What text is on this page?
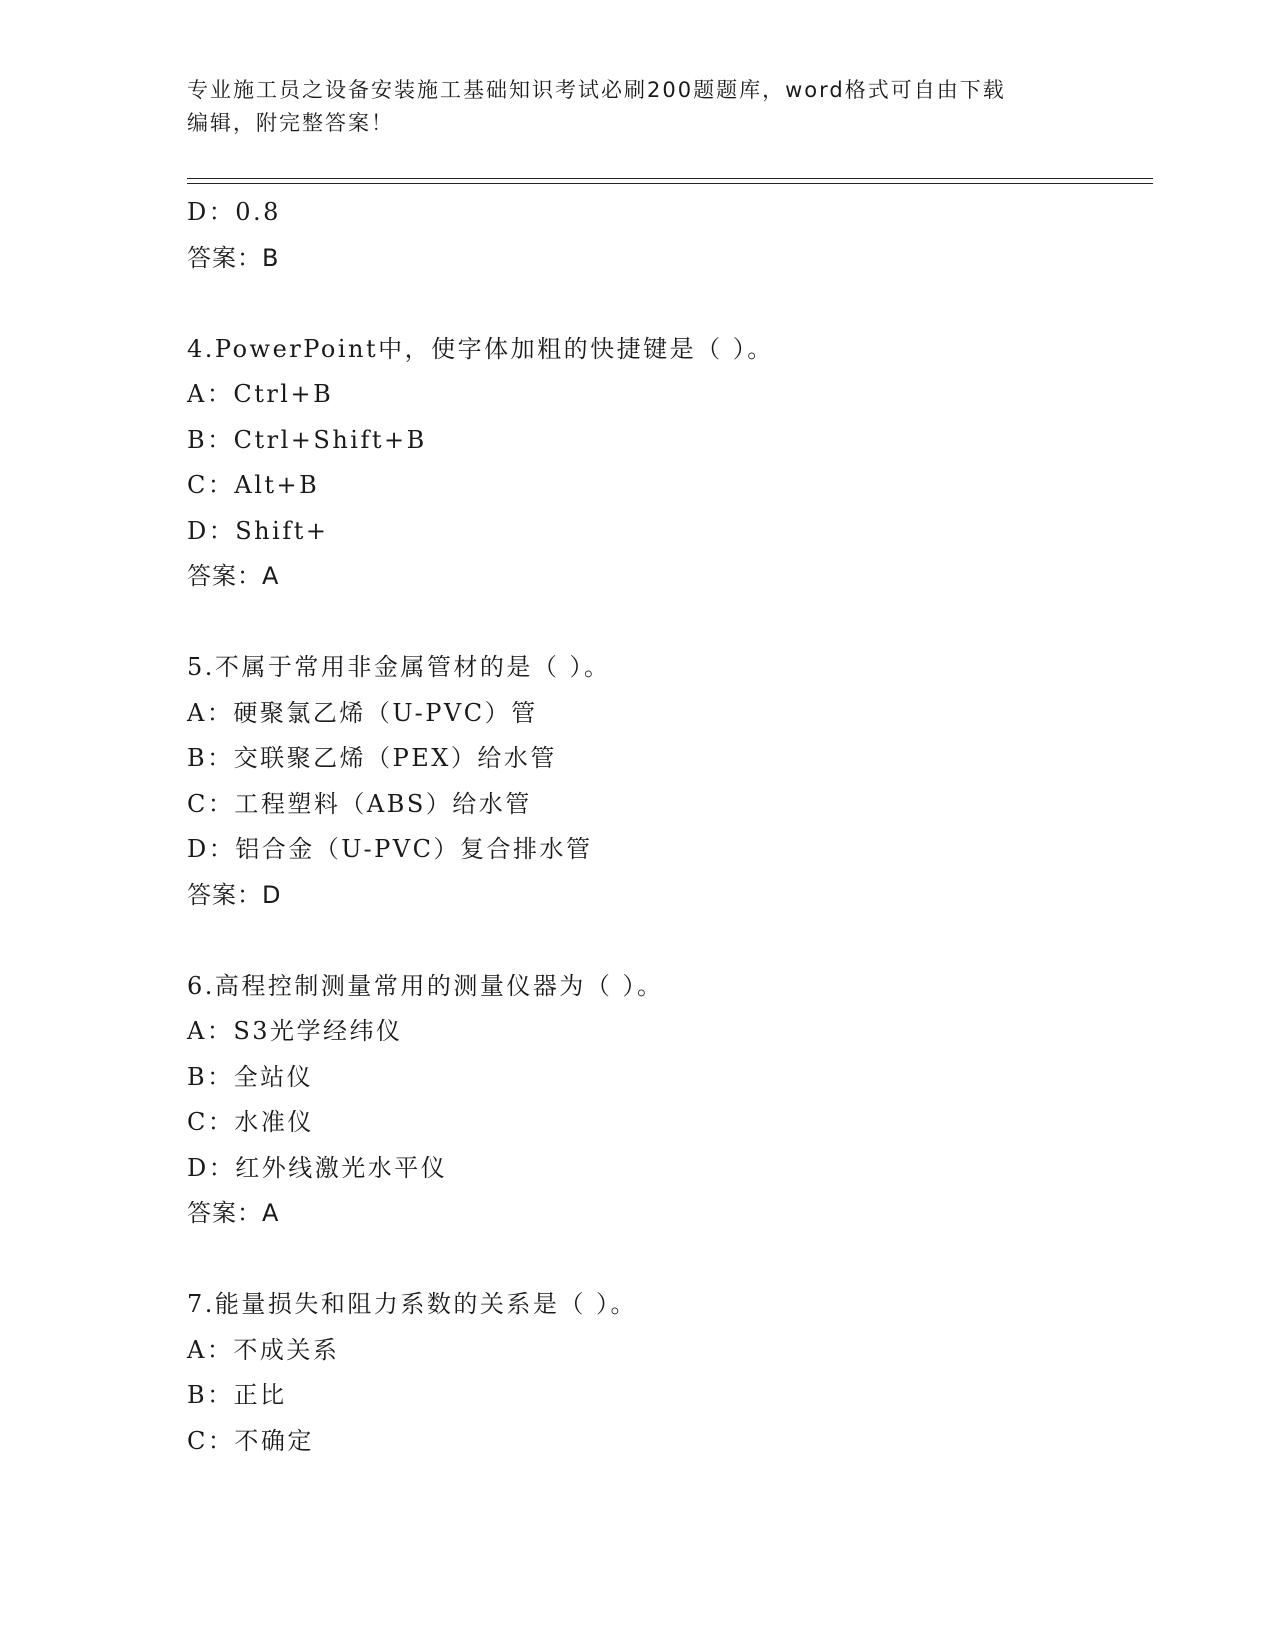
专业施工员之设备安装施工基础知识考试必刷200题题库，word格式可自由下载
编辑，附完整答案！
D：0.8
答案：B
4.PowerPoint中，使字体加粗的快捷键是（ ）。
A：Ctrl+B
B：Ctrl+Shift+B
C：Alt+B
D：Shift+
答案：A
5.不属于常用非金属管材的是（ ）。
A：硬聚氯乙烯（U-PVC）管
B：交联聚乙烯（PEX）给水管
C：工程塑料（ABS）给水管
D：铝合金（U-PVC）复合排水管
答案：D
6.高程控制测量常用的测量仪器为（ ）。
A：S3光学经纬仪
B：全站仪
C：水准仪
D：红外线激光水平仪
答案：A
7.能量损失和阻力系数的关系是（ ）。
A：不成关系
B：正比
C：不确定
